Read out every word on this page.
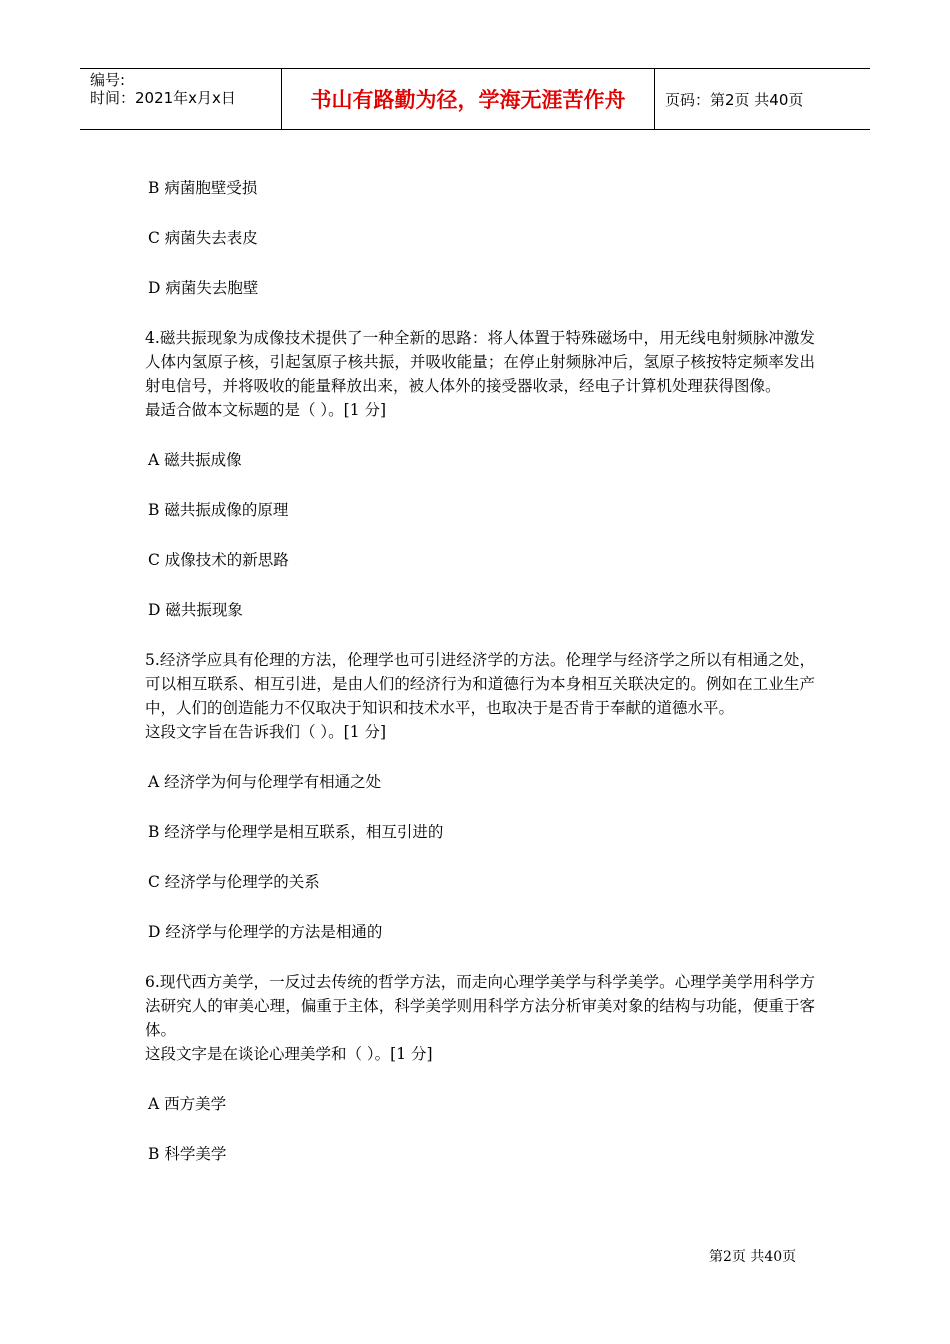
编号:
时间：2021年x月x日	书山有路勤为径，学海无涯苦作舟	页码：第2页 共40页
B 病菌胞壁受损
C 病菌失去表皮
D 病菌失去胞壁
4.磁共振现象为成像技术提供了一种全新的思路：将人体置于特殊磁场中，用无线电射频脉冲激发人体内氢原子核，引起氢原子核共振，并吸收能量；在停止射频脉冲后，氢原子核按特定频率发出射电信号，并将吸收的能量释放出来，被人体外的接受器收录，经电子计算机处理获得图像。
最适合做本文标题的是（ ）。[1 分]
A 磁共振成像
B 磁共振成像的原理
C 成像技术的新思路
D 磁共振现象
5.经济学应具有伦理的方法，伦理学也可引进经济学的方法。伦理学与经济学之所以有相通之处，可以相互联系、相互引进，是由人们的经济行为和道德行为本身相互关联决定的。例如在工业生产中，人们的创造能力不仅取决于知识和技术水平，也取决于是否肯于奉献的道德水平。
这段文字旨在告诉我们（ ）。[1 分]
A 经济学为何与伦理学有相通之处
B 经济学与伦理学是相互联系，相互引进的
C 经济学与伦理学的关系
D 经济学与伦理学的方法是相通的
6.现代西方美学，一反过去传统的哲学方法，而走向心理学美学与科学美学。心理学美学用科学方法研究人的审美心理，偏重于主体，科学美学则用科学方法分析审美对象的结构与功能，便重于客体。
这段文字是在谈论心理美学和（ ）。[1 分]
A 西方美学
B 科学美学
第2页 共40页
